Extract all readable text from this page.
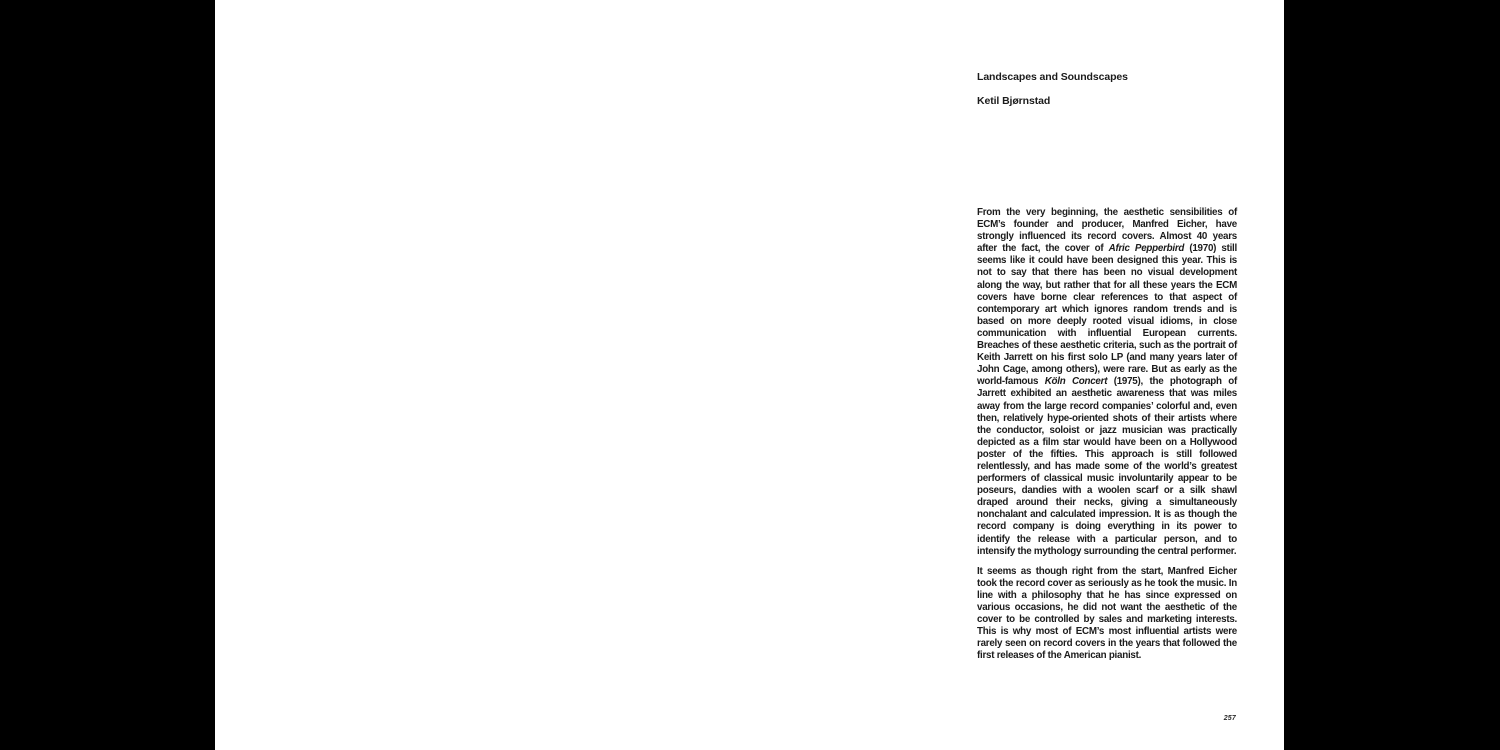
Landscapes and Soundscapes
Ketil Bjørnstad

From the very beginning, the aesthetic sensibilities of ECM’s founder and producer, Manfred Eicher, have strongly influenced its record covers. Almost 40 years after the fact, the cover of Afric Pepperbird (1970) still seems like it could have been designed this year. This is not to say that there has been no visual development along the way, but rather that for all these years the ECM covers have borne clear references to that aspect of contemporary art which ignores random trends and is based on more deeply rooted visual idioms, in close communication with influential European currents. Breaches of these aesthetic criteria, such as the portrait of Keith Jarrett on his first solo LP (and many years later of John Cage, among others), were rare. But as early as the world-famous Köln Concert (1975), the photograph of Jarrett exhibited an aesthetic awareness that was miles away from the large record companies’ colorful and, even then, relatively hype-oriented shots of their artists where the conductor, soloist or jazz musician was practically depicted as a film star would have been on a Hollywood poster of the fifties. This approach is still followed relentlessly, and has made some of the world’s greatest performers of classical music involuntarily appear to be poseurs, dandies with a woolen scarf or a silk shawl draped around their necks, giving a simultaneously nonchalant and calculated impression. It is as though the record company is doing everything in its power to identify the release with a particular person, and to intensify the mythology surrounding the central performer.

It seems as though right from the start, Manfred Eicher took the record cover as seriously as he took the music. In line with a philosophy that he has since expressed on various occasions, he did not want the aesthetic of the cover to be controlled by sales and marketing interests. This is why most of ECM’s most influential artists were rarely seen on record covers in the years that followed the first releases of the American pianist.

257
